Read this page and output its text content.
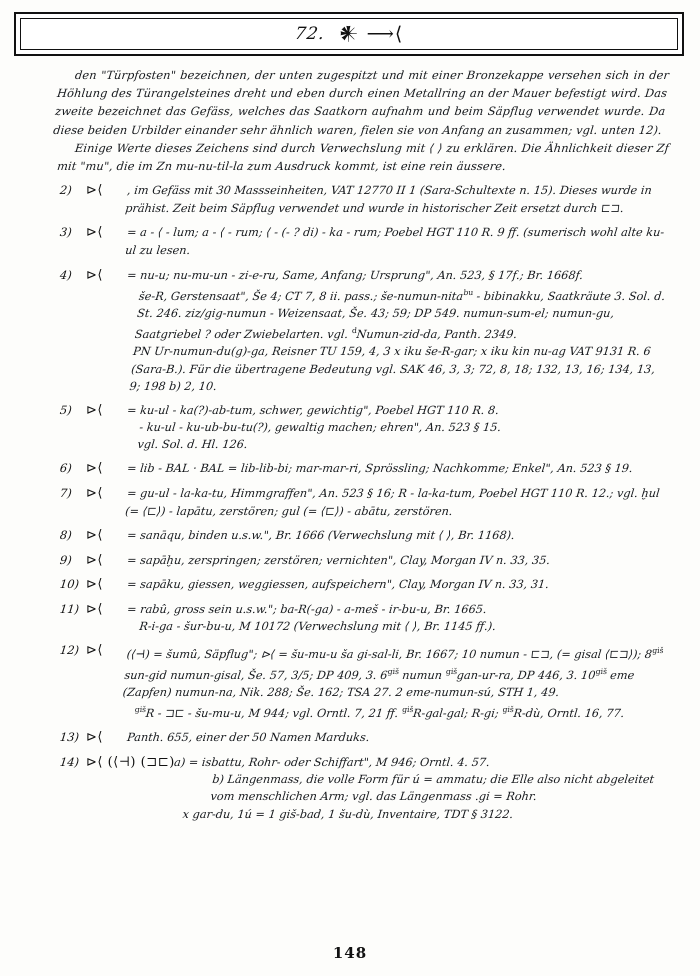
72. 𒀭 ⟶⟨
den "Türpfosten" bezeichnen, der unten zugespitzt und mit einer Bronzekappe versehen sich in der Höhlung des Türangelsteines dreht und eben durch einen Metallring an der Mauer befestigt wird. Das zweite bezeichnet das Gefäss, welches das Saatkorn aufnahm und beim Säpflug verwendet wurde. Da diese beiden Urbilder einander sehr ähnlich waren, fielen sie von Anfang an zusammen; vgl. unten 12).
Einige Werte dieses Zeichens sind durch Verwechslung mit ⟨ ⟩ zu erklären. Die Ähnlichkeit dieser Zf mit "mu", die im Zn mu-nu-til-la zum Ausdruck kommt, ist eine rein äussere.
2)	⊳⟨	, im Gefäss mit 30 Massseinheiten, VAT 12770 II 1 (Sara-Schultexte n. 15). Dieses wurde in prähist. Zeit beim Säpflug verwendet und wurde in historischer Zeit ersetzt durch ⊏⊐.
3)	⊳⟨	= a - ⟨ - lum; a - ⟨ - rum; ⟨ - (- ? di) - ka - rum; Poebel HGT 110 R. 9 ff. (sumerisch wohl alte ku-ul zu lesen.
4)	⊳⟨	= nu-u; nu-mu-un - zi-e-ru, Same, Anfang; Ursprung", An. 523, § 17f.; Br. 1668f.
še-R, Gerstensaat", Še 4; CT 7, 8 ii. pass.; še-numun-nita$^{bu}$ - bibinakku, Saatkräute 3. Sol. d. St. 246. ziz/gig-numun - Weizensaat, Še. 43; 59; DP 549. numun-sum-el; numun-gu, Saatgriebel ? oder Zwiebelarten. vgl. $^d$Numun-zid-da, Panth. 2349.
PN Ur-numun-du(g)-ga, Reisner TU 159, 4, 3 x iku še-R-gar; x iku kin nu-ag VAT 9131 R. 6 (Sara-B.). Für die übertragene Bedeutung vgl. SAK 46, 3, 3; 72, 8, 18; 132, 13, 16; 134, 13, 9; 198 b) 2, 10.
5)	⊳⟨	= ku-ul - ka(?)-ab-tum, schwer, gewichtig", Poebel HGT 110 R. 8.
- ku-ul - ku-ub-bu-tu(?), gewaltig machen; ehren", An. 523 § 15.
vgl. Sol. d. Hl. 126.
6)	⊳⟨	= lib - BAL · BAL = lib-lib-bi; mar-mar-ri, Sprössling; Nachkomme; Enkel", An. 523 § 19.
7)	⊳⟨	= gu-ul - la-ka-tu, Himmgraffen", An. 523 § 16; R - la-ka-tum, Poebel HGT 110 R. 12.; vgl. ḫul (= ⟨⊏⟩) - lapātu, zerstören; gul (= ⟨⊏⟩) - abātu, zerstören.
8)	⊳⟨	= sanāqu, binden u.s.w.", Br. 1666 (Verwechslung mit ⟨ ⟩, Br. 1168).
9)	⊳⟨	= sapāḫu, zerspringen; zerstören; vernichten", Clay, Morgan IV n. 33, 35.
10) ⊳⟨	= sapāku, giessen, weggiessen, aufspeichern", Clay, Morgan IV n. 33, 31.
11) ⊳⟨	= rabû, gross sein u.s.w."; ba-R(-ga) - a-meš - ir-bu-u, Br. 1665.
R-i-ga - šur-bu-u, M 10172 (Verwechslung mit ⟨ ⟩, Br. 1145 ff.).
12) ⊳⟨	(⟨⊣) = šumû, Säpflug"; ⊳⟨ = šu-mu-u ša gi-sal-li, Br. 1667; 10 numun - ⊏⊐, (= gisal ⟨⊏⊐⟩); $8^{giš}$ sun-gid numun-gisal, Še. 57, 3/5; DP 409, 3. $6^{giš}$ numun $^{giš}$gan-ur-ra, DP 446, 3. $10^{giš}$ eme (Zapfen) numun-na, Nik. 288; Še. 162; TSA 27. 2 eme-numun-sú, STH 1, 49.
$^{giš}$R - ⊐⊏ - šu-mu-u, M 944; vgl. Orntl. 7, 21 ff. $^{giš}$R-gal-gal; R-gi; $^{giš}$R-dù, Orntl. 16, 77.
13) ⊳⟨	Panth. 655, einer der 50 Namen Marduks.
14) ⊳⟨ (⟨⊣) (⊐⊏)
a) = isbattu, Rohr- oder Schiffart", M 946; Orntl. 4. 57.
b) Längenmass, die volle Form für ú = ammatu; die Elle also nicht abgeleitet vom menschlichen Arm; vgl. das Längenmass .gi = Rohr.
x gar-du, 1ú = 1 giš-bad, 1 šu-dù, Inventaire, TDT § 3122.
148
